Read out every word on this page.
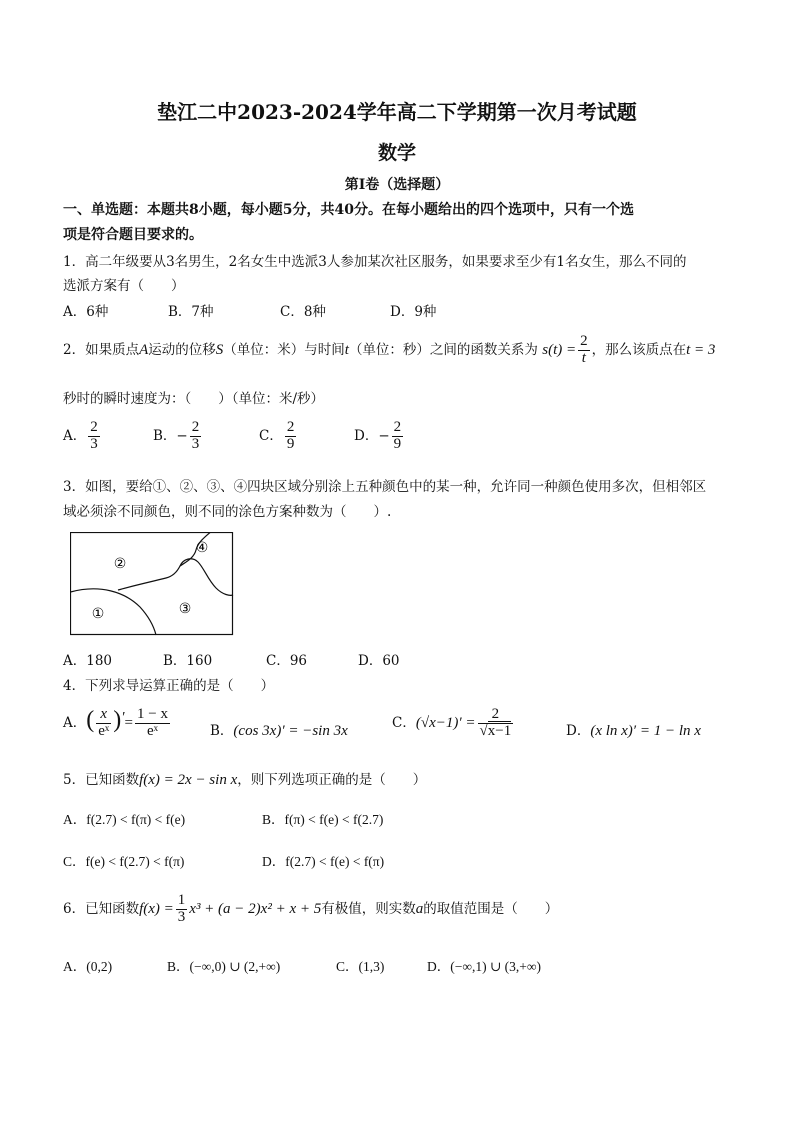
垫江二中2023-2024学年高二下学期第一次月考试题
数学
第I卷（选择题）
一、单选题：本题共8小题，每小题5分，共40分。在每小题给出的四个选项中，只有一个选
项是符合题目要求的。
1．高二年级要从3名男生，2名女生中选派3人参加某次社区服务，如果要求至少有1名女生，那么不同的
选派方案有（　　）
A．6种	B．7种	C．8种	D．9种
2．如果质点A运动的位移S（单位：米）与时间t（单位：秒）之间的函数关系为 $s(t) = \frac{2}{t}$ ，那么该质点在t = 3
秒时的瞬时速度为：（　　）（单位：米/秒）
A． $\frac{2}{3}$	B．− $\frac{2}{3}$	C． $\frac{2}{9}$	D．− $\frac{2}{9}$
3．如图，要给①、②、③、④四块区域分别涂上五种颜色中的某一种，允许同一种颜色使用多次，但相邻区
域必须涂不同颜色，则不同的涂色方案种数为（　　）.
①
②
③
④
A．180	B．160	C．96	D．60
4．下列求导运算正确的是（　　）
A．( $\frac{x}{\text{eˣ}} )'= \frac{1 - x}{\text{eˣ}}$	B．(cos 3x)′ = −sin 3x
C．$(√x-1)' = \frac{2}{√x-1}$	D．(x ln x)′ = 1 − ln x
5．已知函数f(x) = 2x − sin x，则下列选项正确的是（　　）
A．f(2.7) < f(π) < f(e)	B．f(π) < f(e) < f(2.7)
C．f(e) < f(2.7) < f(π)	D．f(2.7) < f(e) < f(π)
6．已知函数$f(x) = \frac{1}{3} x^3 + (a - 2)x^2 + x + 5$有极值，则实数a的取值范围是（　　）
A．(0,2)	B．(−∞,0) ∪ (2,+∞)	C．(1,3)	D．(−∞,1) ∪ (3,+∞)
